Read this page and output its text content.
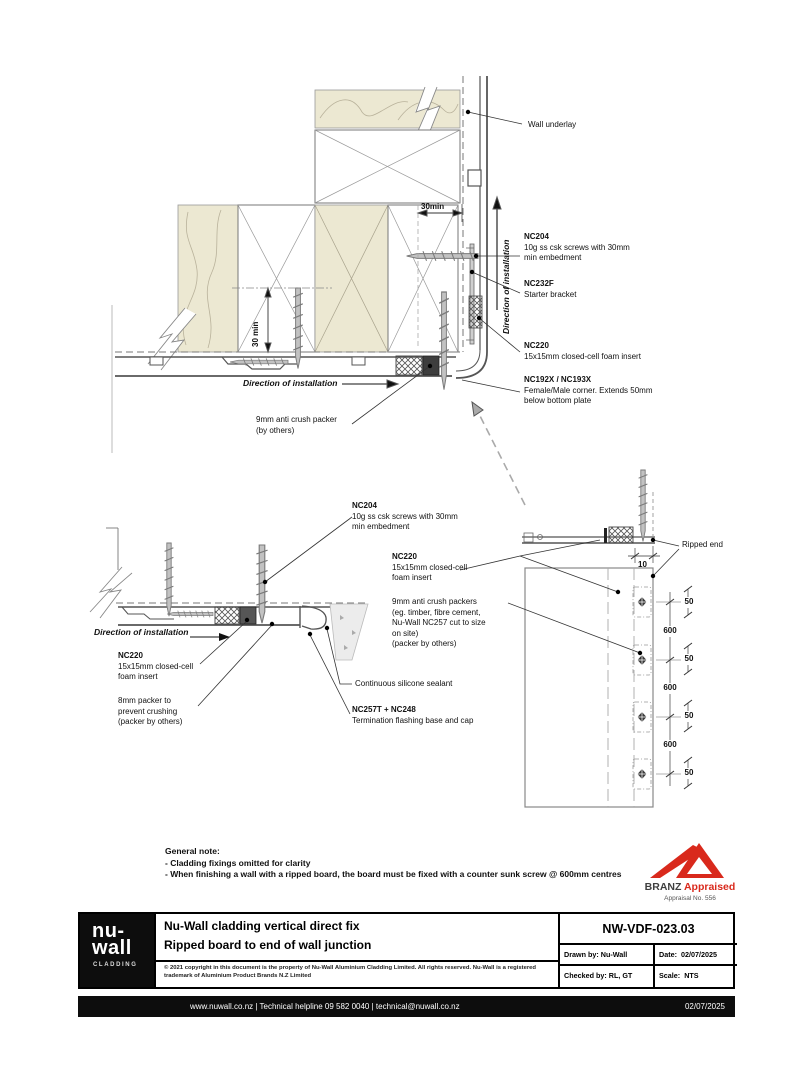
Wall underlay
NC204
10g ss csk screws with 30mm
min embedment
NC232F
Starter bracket
NC220
15x15mm closed-cell foam insert
NC192X / NC193X
Female/Male corner. Extends 50mm
below bottom plate
30min
30 min
Direction of installation
Direction of installation
9mm anti crush packer
(by others)
NC204
10g ss csk screws with 30mm
min embedment
NC220
15x15mm closed-cell
foam insert
9mm anti crush packers
(eg. timber, fibre cement,
Nu-Wall NC257 cut to size
on site)
(packer by others)
Direction of installation
NC220
15x15mm closed-cell
foam insert
8mm packer to
prevent crushing
(packer by others)
Continuous silicone sealant
NC257T + NC248
Termination flashing base and cap
Ripped end
10
50
50
50
50
600
600
600
General note:
- Cladding fixings omitted for clarity
- When finishing a wall with a ripped board, the board must be fixed with a counter sunk screw @ 600mm centres
BRANZ Appraised
Appraisal No. 556
nu-
wall
CLADDING
Nu-Wall cladding vertical direct fix
Ripped board to end of wall junction
© 2021 copyright in this document is the property of Nu-Wall Aluminium Cladding Limited. All rights reserved. Nu-Wall is a registered trademark of Aluminium Product Brands N.Z Limited
NW-VDF-023.03
Drawn by: Nu-Wall	Date: 02/07/2025
Checked by: RL, GT	Scale: NTS
www.nuwall.co.nz | Technical helpline 09 582 0040 | technical@nuwall.co.nz	02/07/2025
